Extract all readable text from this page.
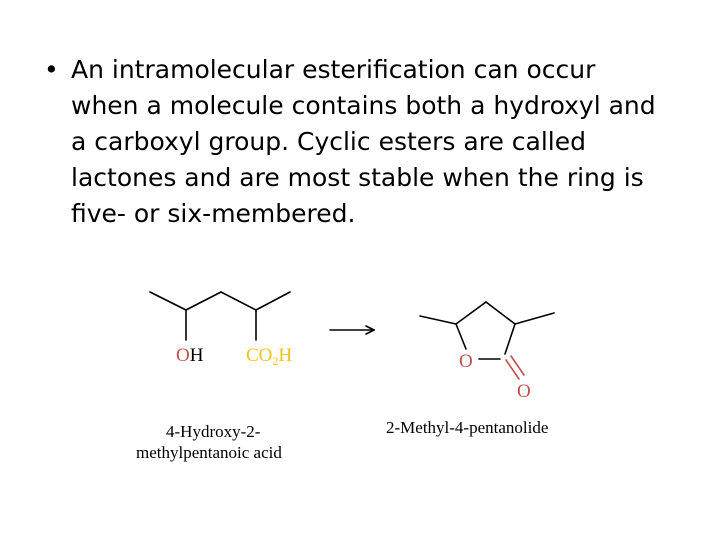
• An intramolecular esterification can occur
when a molecule contains both a hydroxyl and
a carboxyl group. Cyclic esters are called
lactones and are most stable when the ring is
five- or six-membered.
OH $CO_2H$
4-Hydroxy-2-
methylpentanoic acid
O
O
2-Methyl-4-pentanolide
